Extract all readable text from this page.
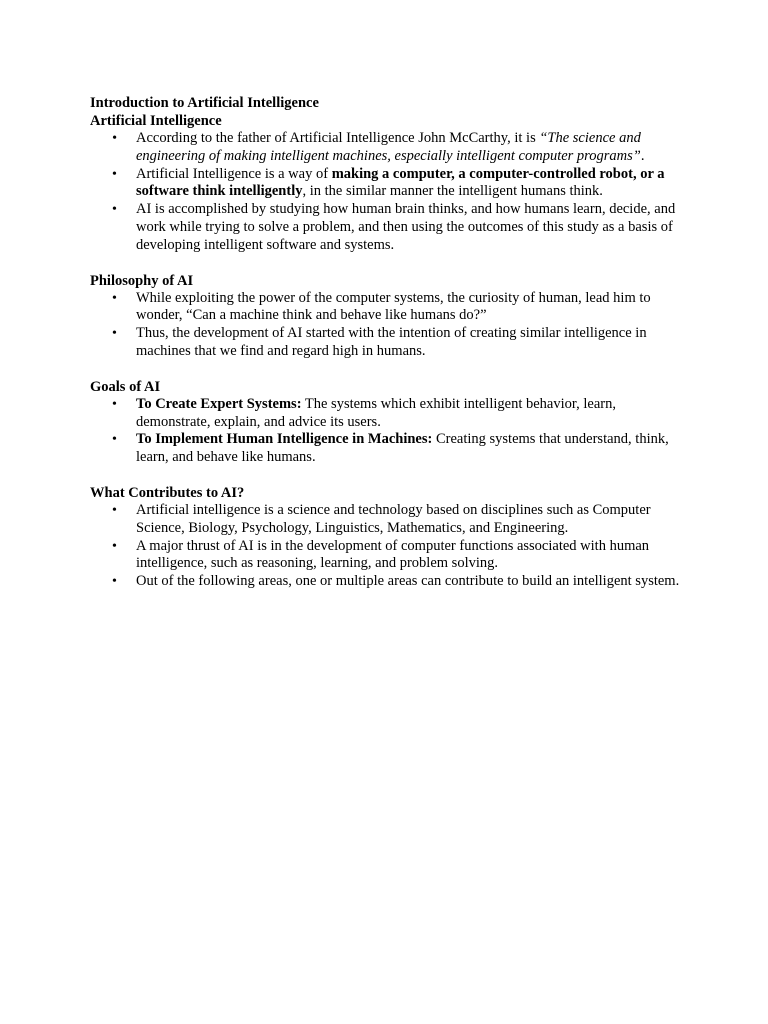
Introduction to Artificial Intelligence

Artificial Intelligence

•	According to the father of Artificial Intelligence John McCarthy, it is “The science and engineering of making intelligent machines, especially intelligent computer programs”.
•	Artificial Intelligence is a way of making a computer, a computer-controlled robot, or a software think intelligently, in the similar manner the intelligent humans think.
•	AI is accomplished by studying how human brain thinks, and how humans learn, decide, and work while trying to solve a problem, and then using the outcomes of this study as a basis of developing intelligent software and systems.

Philosophy of AI

•	While exploiting the power of the computer systems, the curiosity of human, lead him to wonder, “Can a machine think and behave like humans do?”
•	Thus, the development of AI started with the intention of creating similar intelligence in machines that we find and regard high in humans.

Goals of AI

•	To Create Expert Systems: The systems which exhibit intelligent behavior, learn, demonstrate, explain, and advice its users.
•	To Implement Human Intelligence in Machines: Creating systems that understand, think, learn, and behave like humans.

What Contributes to AI?

•	Artificial intelligence is a science and technology based on disciplines such as Computer Science, Biology, Psychology, Linguistics, Mathematics, and Engineering.
•	A major thrust of AI is in the development of computer functions associated with human intelligence, such as reasoning, learning, and problem solving.
•	Out of the following areas, one or multiple areas can contribute to build an intelligent system.
